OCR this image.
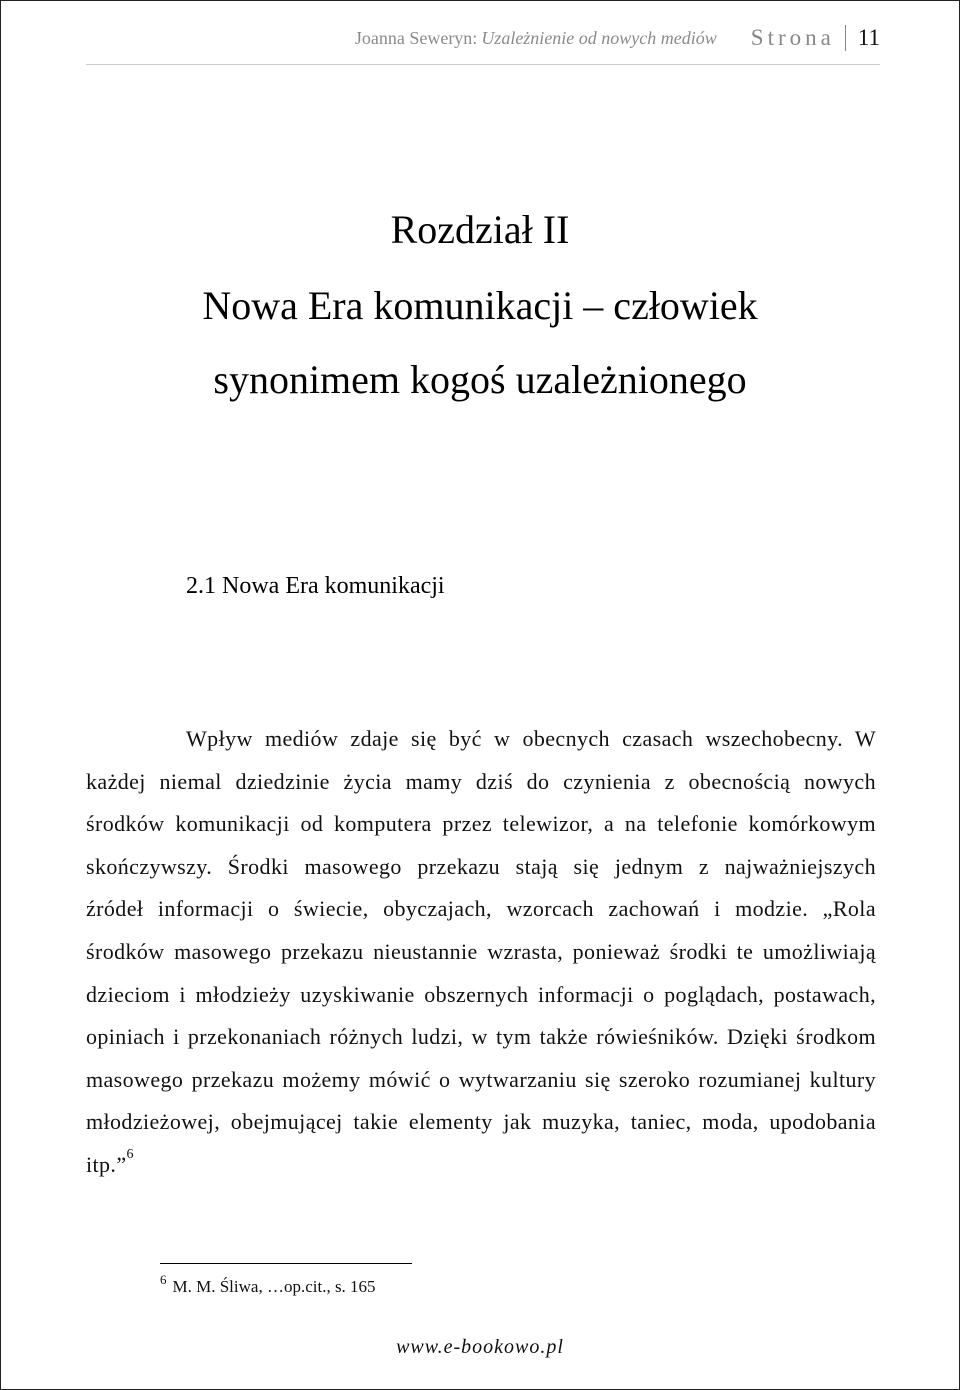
Joanna Seweryn: Uzależnienie od nowych mediów Strona 11
Rozdział II
Nowa Era komunikacji – człowiek
synonimem kogoś uzależnionego
2.1 Nowa Era komunikacji

Wpływ mediów zdaje się być w obecnych czasach wszechobecny. W każdej niemal dziedzinie życia mamy dziś do czynienia z obecnością nowych środków komunikacji od komputera przez telewizor, a na telefonie komórkowym skończywszy. Środki masowego przekazu stają się jednym z najważniejszych źródeł informacji o świecie, obyczajach, wzorcach zachowań i modzie. „Rola środków masowego przekazu nieustannie wzrasta, ponieważ środki te umożliwiają dzieciom i młodzieży uzyskiwanie obszernych informacji o poglądach, postawach, opiniach i przekonaniach różnych ludzi, w tym także rówieśników. Dzięki środkom masowego przekazu możemy mówić o wytwarzaniu się szeroko rozumianej kultury młodzieżowej, obejmującej takie elementy jak muzyka, taniec, moda, upodobania itp.”$^6$

$^6$ M. M. Śliwa, …op.cit., s. 165
www.e-bookowo.pl
